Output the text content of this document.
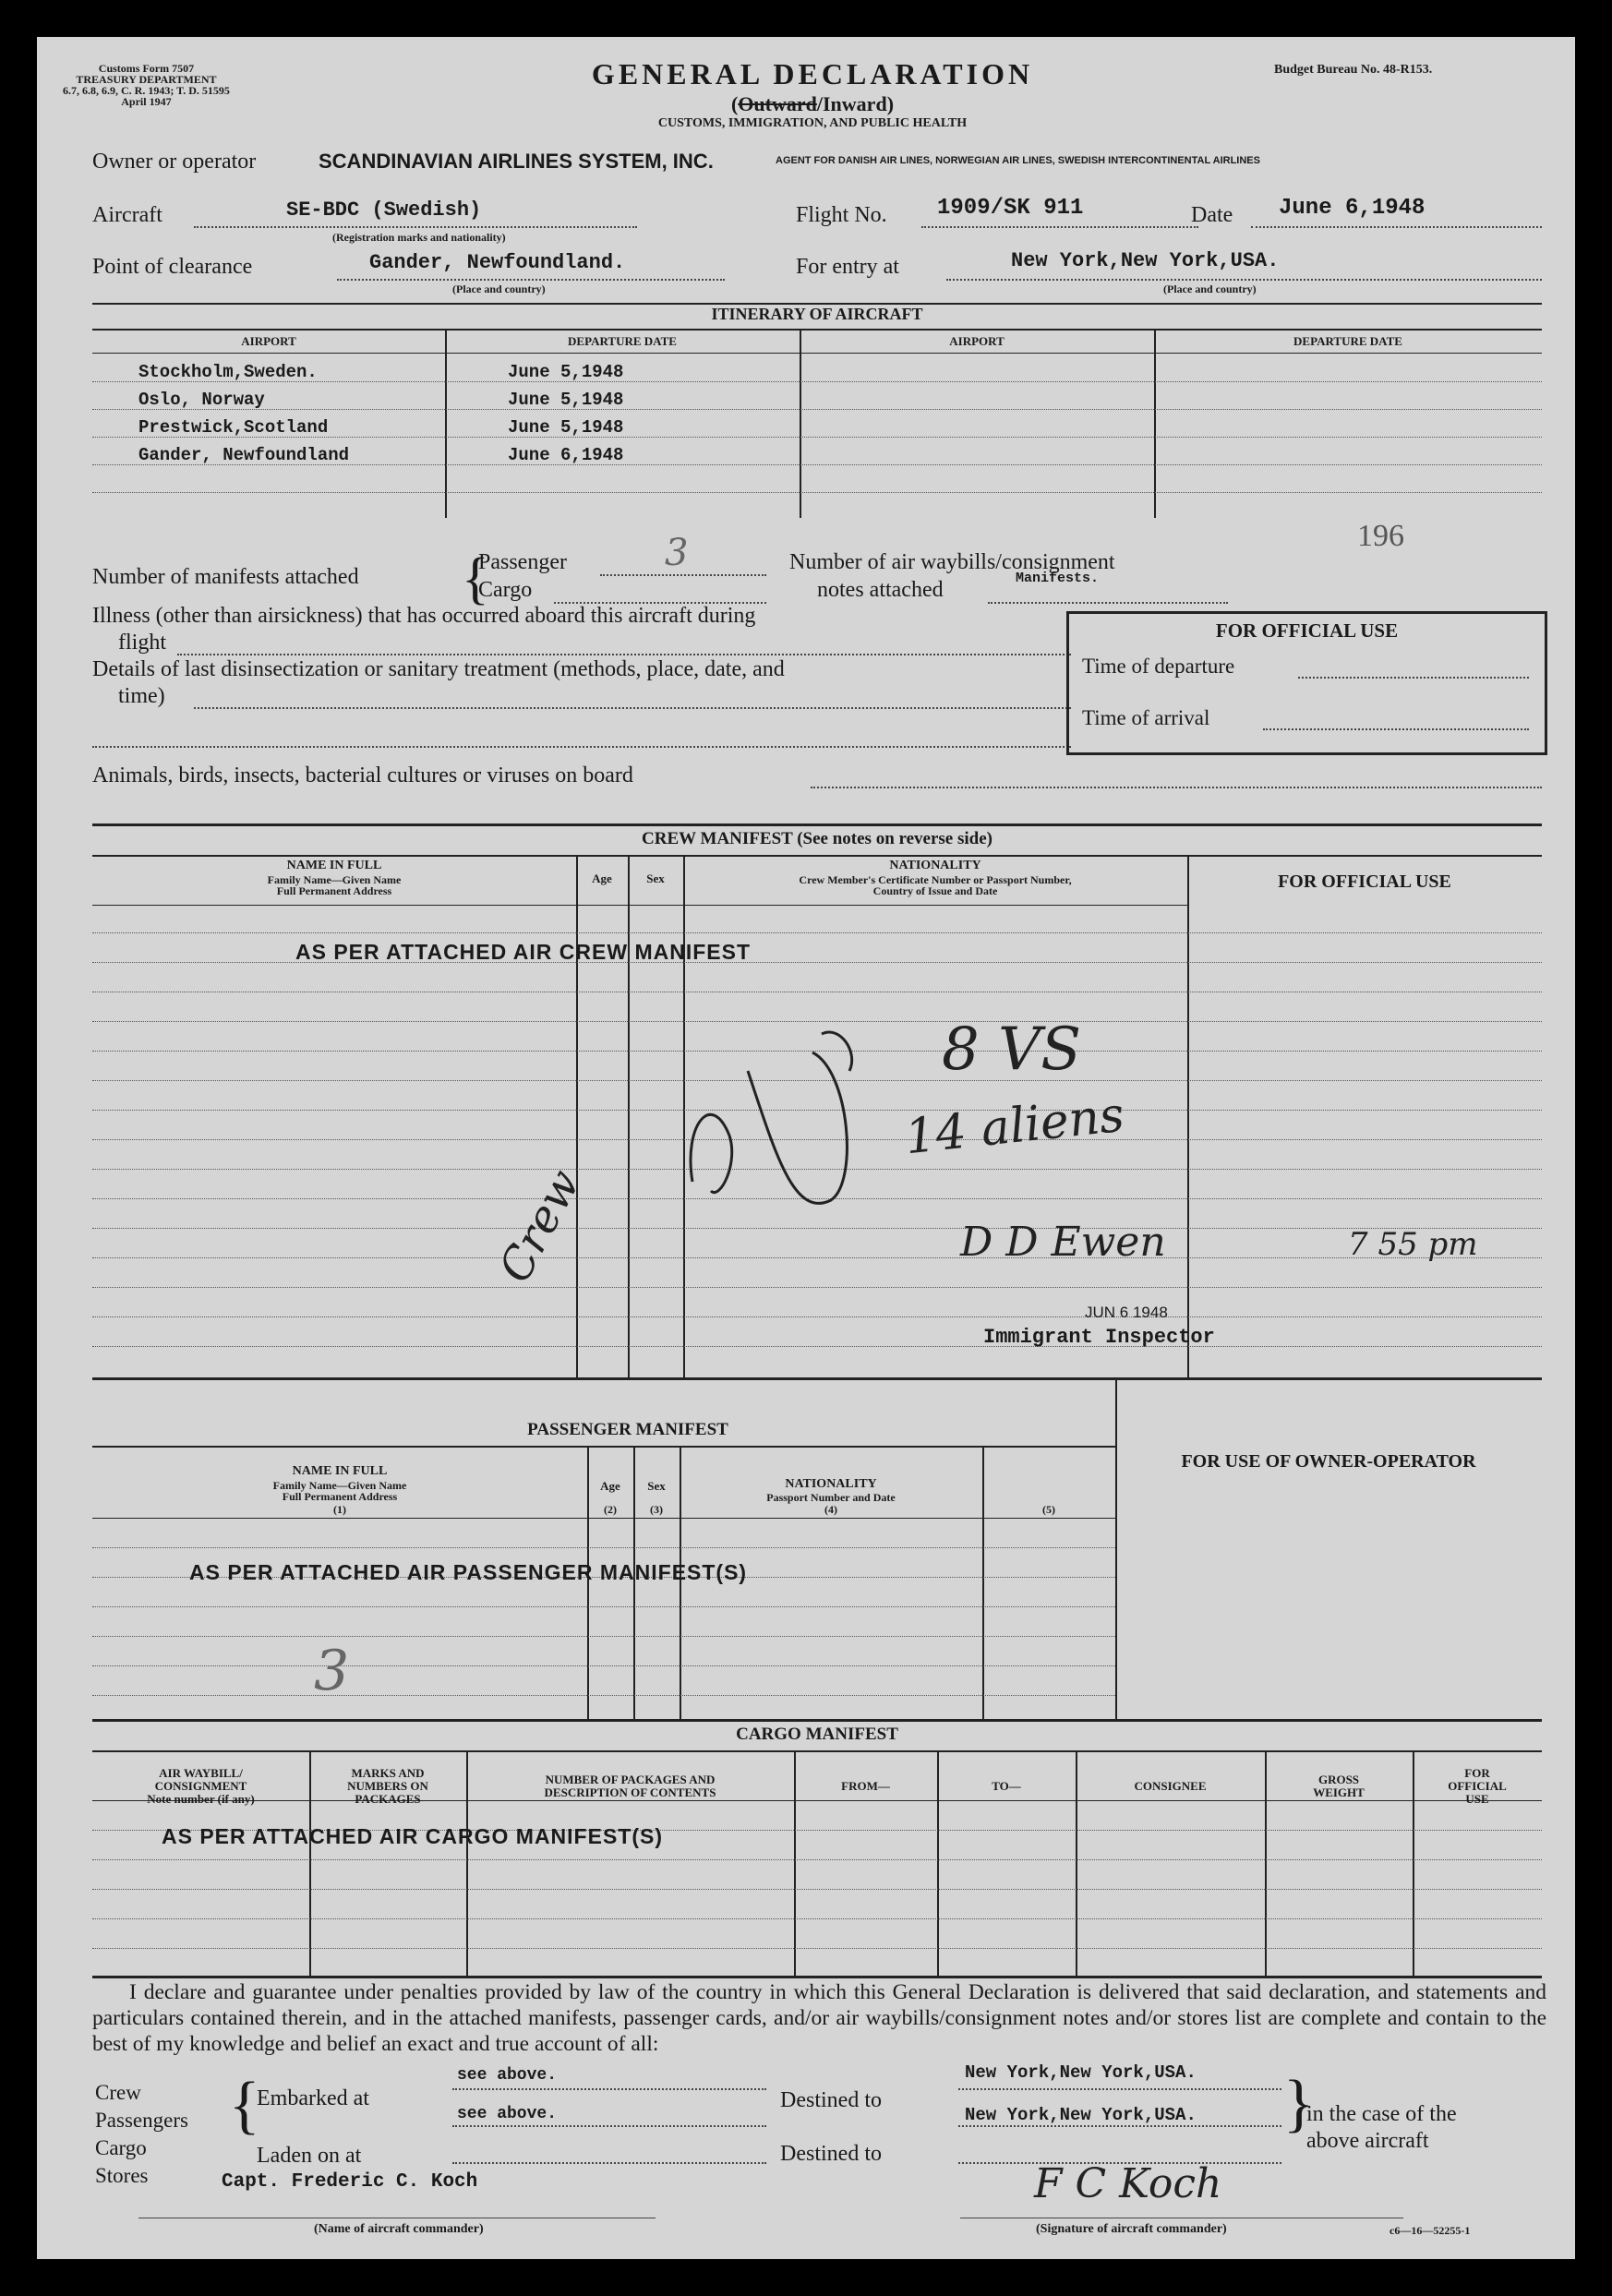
Customs Form 7507
TREASURY DEPARTMENT
6.7, 6.8, 6.9, C. R. 1943; T. D. 51595
April 1947
GENERAL DECLARATION
(Outward/Inward)
CUSTOMS, IMMIGRATION, AND PUBLIC HEALTH
Budget Bureau No. 48-R153.
Owner or operator	SCANDINAVIAN AIRLINES SYSTEM, INC.	AGENT FOR DANISH AIR LINES, NORWEGIAN AIR LINES, SWEDISH INTERCONTINENTAL AIRLINES
Aircraft	SE-BDC (Swedish)
(Registration marks and nationality)
Flight No. 1909/SK 911	Date June 6,1948
Point of clearance	Gander, Newfoundland.
(Place and country)
For entry at	New York,New York,USA.
(Place and country)
ITINERARY OF AIRCRAFT
AIRPORT	DEPARTURE DATE	AIRPORT	DEPARTURE DATE
Stockholm,Sweden.	June 5,1948
Oslo, Norway	June 5,1948
Prestwick,Scotland	June 5,1948
Gander, Newfoundland	June 6,1948
196
Number of manifests attached {
Passenger	3
Cargo
Number of air waybills/consignment
notes attached	Manifests.
Illness (other than airsickness) that has occurred aboard this aircraft during
flight
Details of last disinsectization or sanitary treatment (methods, place, date, and
time)
Animals, birds, insects, bacterial cultures or viruses on board
FOR OFFICIAL USE
Time of departure
Time of arrival
CREW MANIFEST (See notes on reverse side)
NAME IN FULL
Family Name—Given Name
Full Permanent Address
Age	Sex
NATIONALITY
Crew Member's Certificate Number or Passport Number,
Country of Issue and Date	FOR OFFICIAL USE
AS PER ATTACHED AIR CREW MANIFEST
8 VS
14 aliens
D D Ewen	7 55 pm
Crew
JUN 6 1948
Immigrant Inspector
PASSENGER MANIFEST
FOR USE OF OWNER-OPERATOR
NAME IN FULL
Family Name—Given Name
Full Permanent Address
(1)
Age
(2)
Sex
(3)
NATIONALITY
Passport Number and Date
(4)	(5)
AS PER ATTACHED AIR PASSENGER MANIFEST(S)
3
CARGO MANIFEST
AIR WAYBILL/
CONSIGNMENT
Note number (if any)
MARKS AND
NUMBERS ON
PACKAGES
NUMBER OF PACKAGES AND
DESCRIPTION OF CONTENTS	FROM—	TO—	CONSIGNEE	GROSS
WEIGHT
FOR
OFFICIAL
USE
AS PER ATTACHED AIR CARGO MANIFEST(S)
I declare and guarantee under penalties provided by law of the country in which this General Declaration is delivered that said declaration, and statements and particulars contained therein, and in the attached manifests, passenger cards, and/or air waybills/consignment notes and/or stores list are complete and contain to the best of my knowledge and belief an exact and true account of all:
Crew
Passengers
Cargo
Stores
{
Embarked at
see above.
see above.
Laden on at
Destined to
Destined to
New York,New York,USA.
New York,New York,USA. }
in the case of the
above aircraft
Capt. Frederic C. Koch
(Name of aircraft commander)
F C Koch
(Signature of aircraft commander)	c6—16—52255-1
